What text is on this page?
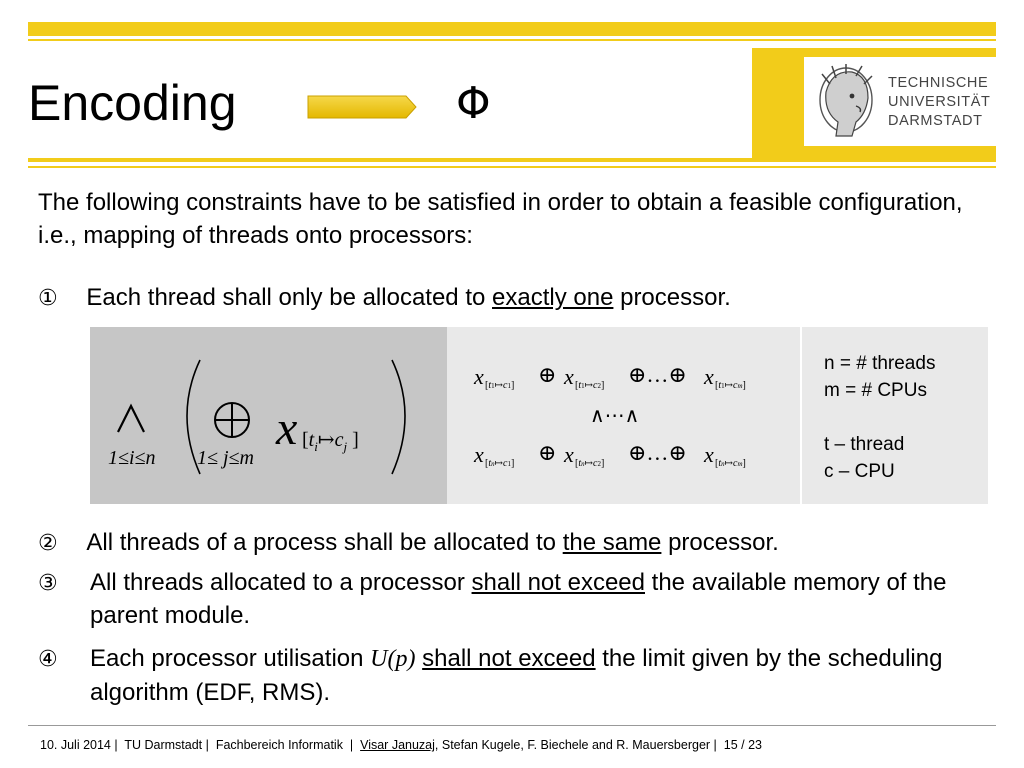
TECHNISCHE
UNIVERSITÄT
DARMSTADT
Encoding	Φ
The following constraints have to be satisfied in order to obtain a feasible configuration, i.e., mapping of threads onto processors:
① Each thread shall only be allocated to exactly one processor.
1≤i≤n 1≤ j≤m
x [$t_i↦c_j$ ]
x [t1↦c1] ⊕ x [t1↦c2] ⊕…⊕ x [t1↦cm]
∧⋯∧
x [tn↦c1] ⊕ x [tn↦c2] ⊕…⊕ x [tn↦cm]
n = # threads
m = # CPUs
t – thread
c – CPU
② All threads of a process shall be allocated to the same processor.
③	All threads allocated to a processor shall not exceed the available memory of the parent module.
④	Each processor utilisation U(p) shall not exceed the limit given by the scheduling algorithm (EDF, RMS).
10. Juli 2014 |  TU Darmstadt |  Fachbereich Informatik  |  Visar Januzaj, Stefan Kugele, F. Biechele and R. Mauersberger |  15 / 23
